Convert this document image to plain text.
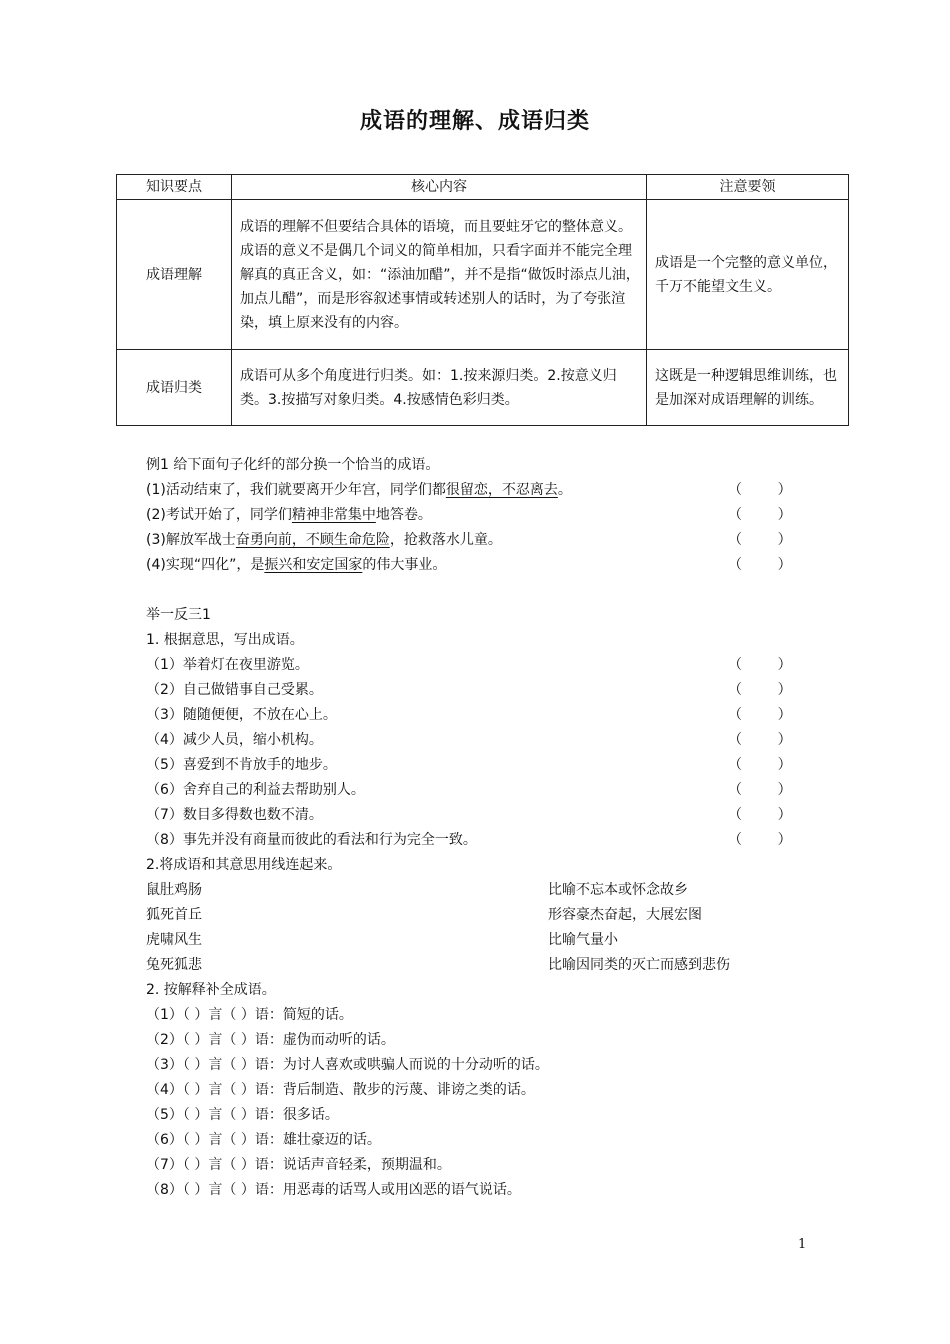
成语的理解、成语归类
知识要点	核心内容	注意要领
成语理解	成语的理解不但要结合具体的语境，而且要蛀牙它的整体意义。成语的意义不是偶几个词义的简单相加，只看字面并不能完全理解真的真正含义，如：“添油加醋”，并不是指“做饭时添点儿油，加点儿醋”，而是形容叙述事情或转述别人的话时，为了夸张渲染，填上原来没有的内容。	成语是一个完整的意义单位，千万不能望文生义。
成语归类	成语可从多个角度进行归类。如：1.按来源归类。2.按意义归类。3.按描写对象归类。4.按感情色彩归类。	这既是一种逻辑思维训练，也是加深对成语理解的训练。
例1 给下面句子化纤的部分换一个恰当的成语。
(1)活动结束了，我们就要离开少年宫，同学们都很留恋，不忍离去。	（        ）
(2)考试开始了，同学们精神非常集中地答卷。	（        ）
(3)解放军战士奋勇向前，不顾生命危险，抢救落水儿童。	（        ）
(4)实现“四化”，是振兴和安定国家的伟大事业。	（        ）
举一反三1
1. 根据意思，写出成语。
（1）举着灯在夜里游览。	（        ）
（2）自己做错事自己受累。	（        ）
（3）随随便便，不放在心上。	（        ）
（4）减少人员，缩小机构。	（        ）
（5）喜爱到不肯放手的地步。	（        ）
（6）舍弃自己的利益去帮助别人。	（        ）
（7）数目多得数也数不清。	（        ）
（8）事先并没有商量而彼此的看法和行为完全一致。	（        ）
2.将成语和其意思用线连起来。
鼠肚鸡肠	比喻不忘本或怀念故乡
狐死首丘	形容豪杰奋起，大展宏图
虎啸风生	比喻气量小
兔死狐悲	比喻因同类的灭亡而感到悲伤
2. 按解释补全成语。
（1）（ ）言（ ）语：简短的话。
（2）（ ）言（ ）语：虚伪而动听的话。
（3）（ ）言（ ）语：为讨人喜欢或哄骗人而说的十分动听的话。
（4）（ ）言（ ）语：背后制造、散步的污蔑、诽谤之类的话。
（5）（ ）言（ ）语：很多话。
（6）（ ）言（ ）语：雄壮豪迈的话。
（7）（ ）言（ ）语：说话声音轻柔，预期温和。
（8）（ ）言（ ）语：用恶毒的话骂人或用凶恶的语气说话。
1
